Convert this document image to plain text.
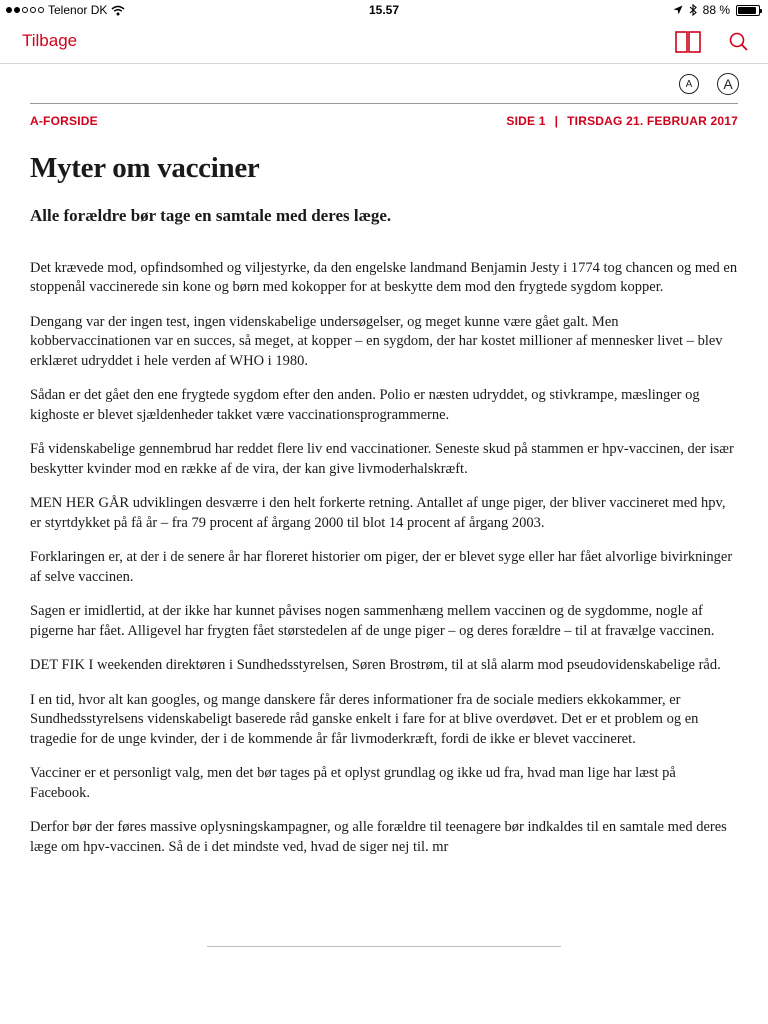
Telenor DK	15.57	88 %
Tilbage
A	A
A-FORSIDE	SIDE 1 | TIRSDAG 21. FEBRUAR 2017
Myter om vacciner
Alle forældre bør tage en samtale med deres læge.

Det krævede mod, opfindsomhed og viljestyrke, da den engelske landmand Benjamin Jesty i 1774 tog chancen og med en stoppenål vaccinerede sin kone og børn med kokopper for at beskytte dem mod den frygtede sygdom kopper.

Dengang var der ingen test, ingen videnskabelige undersøgelser, og meget kunne være gået galt. Men kobbervaccinationen var en succes, så meget, at kopper – en sygdom, der har kostet millioner af mennesker livet – blev erklæret udryddet i hele verden af WHO i 1980.

Sådan er det gået den ene frygtede sygdom efter den anden. Polio er næsten udryddet, og stivkrampe, mæslinger og kighoste er blevet sjældenheder takket være vaccinationsprogrammerne.

Få videnskabelige gennembrud har reddet flere liv end vaccinationer. Seneste skud på stammen er hpv-vaccinen, der især beskytter kvinder mod en række af de vira, der kan give livmoderhalskræft.

MEN HER GÅR udviklingen desværre i den helt forkerte retning. Antallet af unge piger, der bliver vaccineret med hpv, er styrtdykket på få år – fra 79 procent af årgang 2000 til blot 14 procent af årgang 2003.

Forklaringen er, at der i de senere år har floreret historier om piger, der er blevet syge eller har fået alvorlige bivirkninger af selve vaccinen.

Sagen er imidlertid, at der ikke har kunnet påvises nogen sammenhæng mellem vaccinen og de sygdomme, nogle af pigerne har fået. Alligevel har frygten fået størstedelen af de unge piger – og deres forældre – til at fravælge vaccinen.

DET FIK I weekenden direktøren i Sundhedsstyrelsen, Søren Brostrøm, til at slå alarm mod pseudovidenskabelige råd.

I en tid, hvor alt kan googles, og mange danskere får deres informationer fra de sociale mediers ekkokammer, er Sundhedsstyrelsens videnskabeligt baserede råd ganske enkelt i fare for at blive overdøvet. Det er et problem og en tragedie for de unge kvinder, der i de kommende år får livmoderkræft, fordi de ikke er blevet vaccineret.

Vacciner er et personligt valg, men det bør tages på et oplyst grundlag og ikke ud fra, hvad man lige har læst på Facebook.

Derfor bør der føres massive oplysningskampagner, og alle forældre til teenagere bør indkaldes til en samtale med deres læge om hpv-vaccinen. Så de i det mindste ved, hvad de siger nej til. mr
